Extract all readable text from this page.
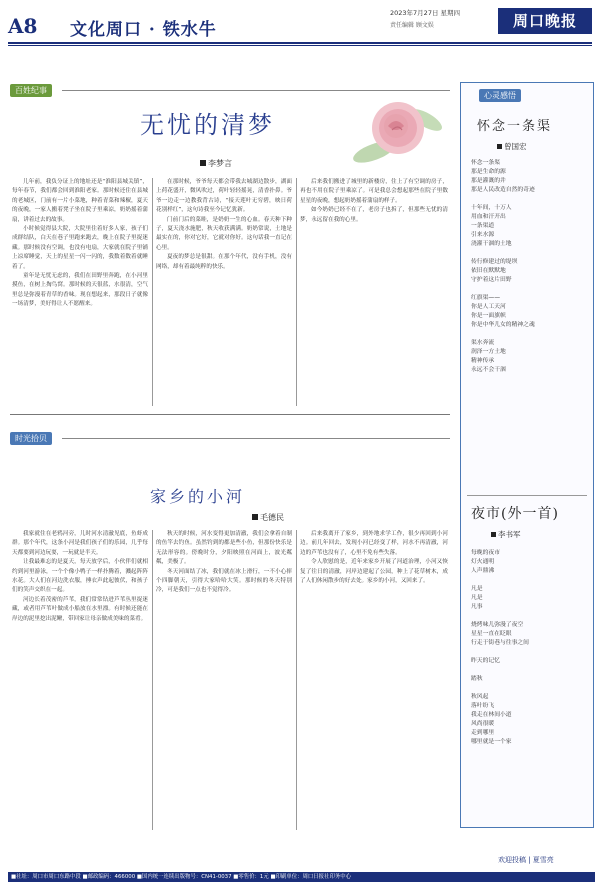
A8 文化周口 · 铁水牛
2023年7月27日 星期四
责任编辑 顾文娱	周口晚报
百姓纪事
无忧的清梦
李梦言

儿年前，我负分证上的地址还是“淮阳县城关镇”，每年春节，我们都会回到淮阳老家。那时候还住在县城的老城区，门前有一片小菜地，种着青菜和辣椒，夏天的夜晚，一家人搬着凳子坐在院子里乘凉，奶奶摇着蒲扇，讲着过去的故事。

小时候觉得县大院，大院里住着好多人家，孩子们成群结队，白天在巷子里跑来跑去，晚上在院子里捉迷藏。那时候没有空调，也没有电扇，大家就在院子里铺上凉席睡觉，天上的星星一闪一闪的，我数着数着就睡着了。

童年是无忧无虑的，我们在田野里奔跑，在小河里摸鱼，在树上掏鸟窝。那时候的天很蓝，水很清，空气里总是弥漫着青草的香味。现在想起来，那段日子就像一场清梦，美好得让人不愿醒来。

在那时候，爷爷每天都会带我去城湖边散步，湖面上荷花盛开，微风吹过，荷叶轻轻摇晃，清香扑鼻。爷爷一边走一边教我背古诗，“接天莲叶无穷碧，映日荷花别样红”，这句诗我至今记忆犹新。

门前门后的菜畦，是奶奶一生的心血。春天种下种子，夏天浇水施肥，秋天收获满满。奶奶常说，土地是最实在的，你对它好，它就对你好。这句话我一直记在心里。

夏夜的梦总是很甜。在那个年代，没有手机，没有网络，却有着最纯粹的快乐。

后来我们搬进了城里的新楼房，住上了有空调的房子，再也不用在院子里乘凉了。可是我总会想起那些在院子里数星星的夜晚，想起奶奶摇着蒲扇的样子。

如今奶奶已经不在了，老房子也拆了，但那些无忧的清梦，永远留在我的心里。

时光拾贝
家乡的小河
毛德民

我家就住在老鸦河旁，儿时河水清澈见底，鱼虾成群。那个年代，这条小河是我们孩子们的乐园，几乎每天都要到河边玩耍，一玩就是半天。

让我最难忘的是夏天，每天放学后，小伙伴们就相约到河里游泳，一个个像小鸭子一样扑腾着，溅起阵阵水花。大人们在河边洗衣服，捶衣声此起彼伏，和孩子们的笑声交织在一起。

河边长着茂密的芦苇，我们常常钻进芦苇丛里捉迷藏，或者用芦苇叶做成小船放在水里漂。有时候还能在岸边的泥里挖出泥鳅，带回家让母亲做成美味的菜肴。

秋天的时候，河水变得更加清澈，我们会拿着自制的鱼竿去钓鱼。虽然钓到的都是些小鱼，但那份快乐是无法形容的。傍晚时分，夕阳映照在河面上，波光粼粼，美极了。

冬天河面结了冰，我们就在冰上滑行，一不小心摔个四脚朝天，引得大家哈哈大笑。那时候的冬天特别冷，可是我们一点也不觉得冷。

后来我离开了家乡，到外地求学工作，很少再回到小河边。前几年回去，发现小河已经变了样，河水不再清澈，河边的芦苇也没有了，心里不免有些失落。

令人欣慰的是，近年来家乡开展了河道治理，小河又恢复了往日的清澈，河岸边建起了公园，种上了花草树木，成了人们休闲散步的好去处。家乡的小河，又回来了。

心灵感悟
怀念一条渠
曾国宏
怀念一条渠
那是生命的源
那是灌溉的井
那是人民改造自然的奇迹

十年间，十万人
用血和汗开出
一条渠道
引来水源
浇灌干涸的土地

传行修建过的堤坝
依旧在默默地
守护着这片田野

红旗渠——
你是人工天河
你是一面旗帜
你是中华儿女的精神之魂

渠水奔流
润泽一方土地
精神传承
永远不会干涸
夜市(外一首)
李书军
每晚的夜市
灯火通明
人声鼎沸

凡是
凡是
凡事

烧烤味儿弥漫了夜空
星星一直在眨眼
行走于街巷与往事之间

昨天的记忆

踏秋

秋风起
落叶纷飞
我走在林间小道
风尚很暖
走到哪里
哪里就是一个家
欢迎投稿 | 夏雪亮
■社址：周口市周口东路中段 ■邮政编码：466000 ■国内统一连续出版物号：CN41-0037 ■零售价：1元 ■印刷单位：周口日报社印务中心
